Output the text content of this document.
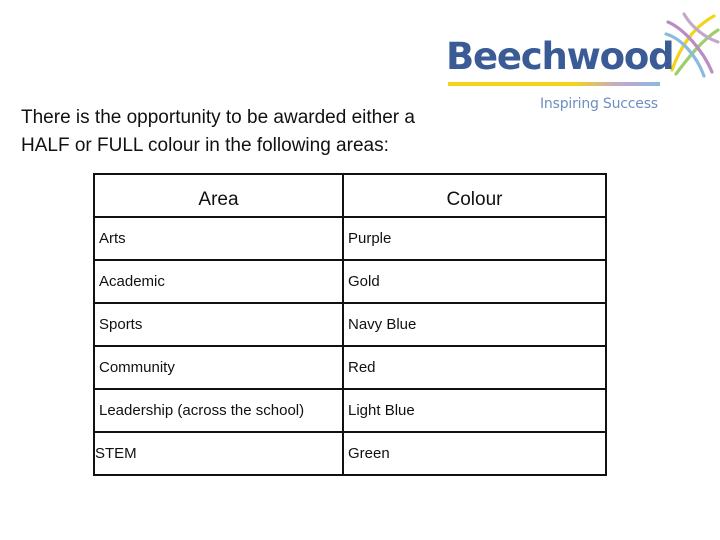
Beechwood
Inspiring Success

There is the opportunity to be awarded either a

HALF or FULL colour in the following areas:

Area	Colour
Arts	Purple
Academic	Gold
Sports	Navy Blue
Community	Red
Leadership (across the school)	Light Blue
STEM	Green
